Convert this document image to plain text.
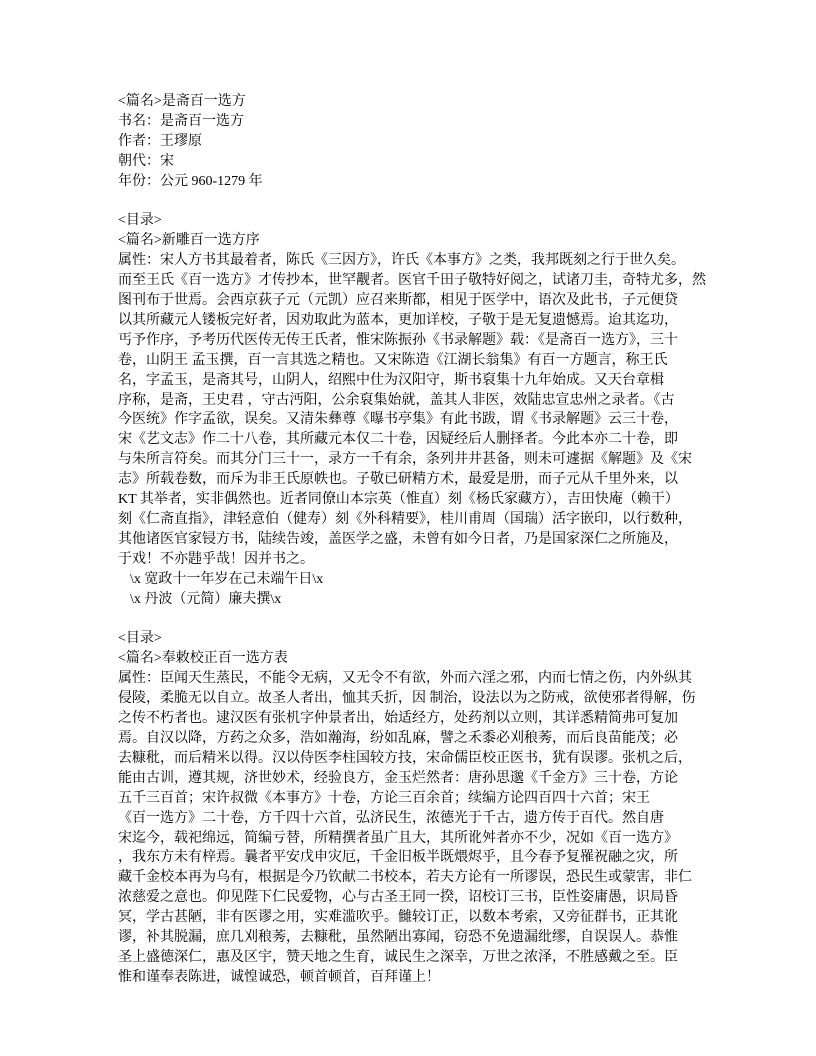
<篇名>是斋百一选方
书名：是斋百一选方
作者：王璆原
朝代：宋
年份：公元 960-1279 年
<目录>
<篇名>新雕百一选方序
属性：宋人方书其最着者，陈氏《三因方》，许氏《本事方》之类，我邦既刻之行于世久矣。
而至王氏《百一选方》才传抄本，世罕觏者。医官千田子敬特好阅之，试诸刀圭，奇特尤多，然
图刊布于世焉。会西京荻子元（元凯）应召来斯都，相见于医学中，语次及此书，子元便贷
以其所藏元人镂板完好者，因劝取此为蓝本，更加详校，子敬于是无复遗憾焉。迨其迄功，
丐予作序，予考历代医传无传王氏者，惟宋陈振孙《书录解题》载：《是斋百一选方》，三十
卷，山阴王 孟玉撰，百一言其选之精也。又宋陈造《江湖长翁集》有百一方题言，称王氏
名，字孟玉，是斋其号，山阴人，绍熙中仕为汉阳守，斯书裒集十九年始成。又天台章楫
序称，是斋，王史君 ，守古沔阳，公余裒集始就，盖其人非医，效陆忠宣忠州之录者。《古
今医统》作字孟欲，误矣。又清朱彝尊《曝书亭集》有此书跋，谓《书录解题》云三十卷，
宋《艺文志》作二十八卷，其所藏元本仅二十卷，因疑经后人删择者。今此本亦二十卷，即
与朱所言符矣。而其分门三十一，录方一千有余，条列井井甚备，则未可遽据《解题》及《宋
志》所载卷数，而斥为非王氏原帙也。子敬已研精方术，最爱是册，而子元从千里外来，以
KT 其举者，实非偶然也。近者同僚山本宗英（惟直）刻《杨氏家藏方），吉田快庵（赖干）
刻《仁斋直指》，津轻意伯（健寿）刻《外科精要》，桂川甫周（国瑞）活字嵌印，以行数种，
其他诸医官家锓方书，陆续告竣，盖医学之盛，未曾有如今日者，乃是国家深仁之所施及，
于戏！不亦韪乎哉！因并书之。
\x 宽政十一年岁在己未端午日\x
\x 丹波（元简）廉夫撰\x
<目录>
<篇名>奉敕校正百一选方表
属性：臣闻天生蒸民，不能令无病，又无令不有欲，外而六淫之邪，内而七情之伤，内外纵其
侵陵，柔脆无以自立。故圣人者出，恤其夭折，因 制治，设法以为之防戒，欲使邪者得解，伤
之传不朽者也。逮汉医有张机字仲景者出，始适经方，处药剂以立则，其详悉精简弗可复加
焉。自汉以降，方药之众多，浩如瀚海，纷如乱麻，譬之禾黍必刈稂莠，而后良苗能茂；必
去糠秕，而后精米以得。汉以侍医李柱国较方技，宋命儒臣校正医书，犹有误谬。张机之后，
能由古训，遵其规，济世妙术，经验良方，金玉烂然者：唐孙思邈《千金方》三十卷，方论
五千三百首；宋许叔微《本事方》十卷，方论三百余首；续编方论四百四十六首；宋王
《百一选方》二十卷，方千四十六首，弘济民生，浓德光于千古，遗方传于百代。然自唐
宋迄今，载祀绵远，简编亏替，所精撰者虽广且大，其所讹舛者亦不少，况如《百一选方》
，我东方未有梓焉。曩者平安戊申灾厄，千金旧板半既煨烬乎，且今春予复罹祝融之灾，所
藏千金校本再为乌有，根据是今乃钦献二书校本，若夫方论有一所谬误，恐民生或蒙害，非仁
浓慈爱之意也。仰见陛下仁民爱物，心与古圣王同一揆，诏校订三书，臣性姿庸愚，识局昏
冥，学古甚陋，非有医谬之用，实难滥吹乎。雠较订正，以数本考索，又旁征群书，正其讹
谬，补其脱漏，庶几刈稂莠，去糠秕，虽然陋出寡闻，窃恐不免遗漏纰缪，自误误人。恭惟
圣上盛德深仁，惠及区宇，赞天地之生育，诚民生之深幸，万世之浓泽，不胜感戴之至。臣
惟和谨奉表陈进，诚惶诚恐，顿首顿首，百拜谨上！
